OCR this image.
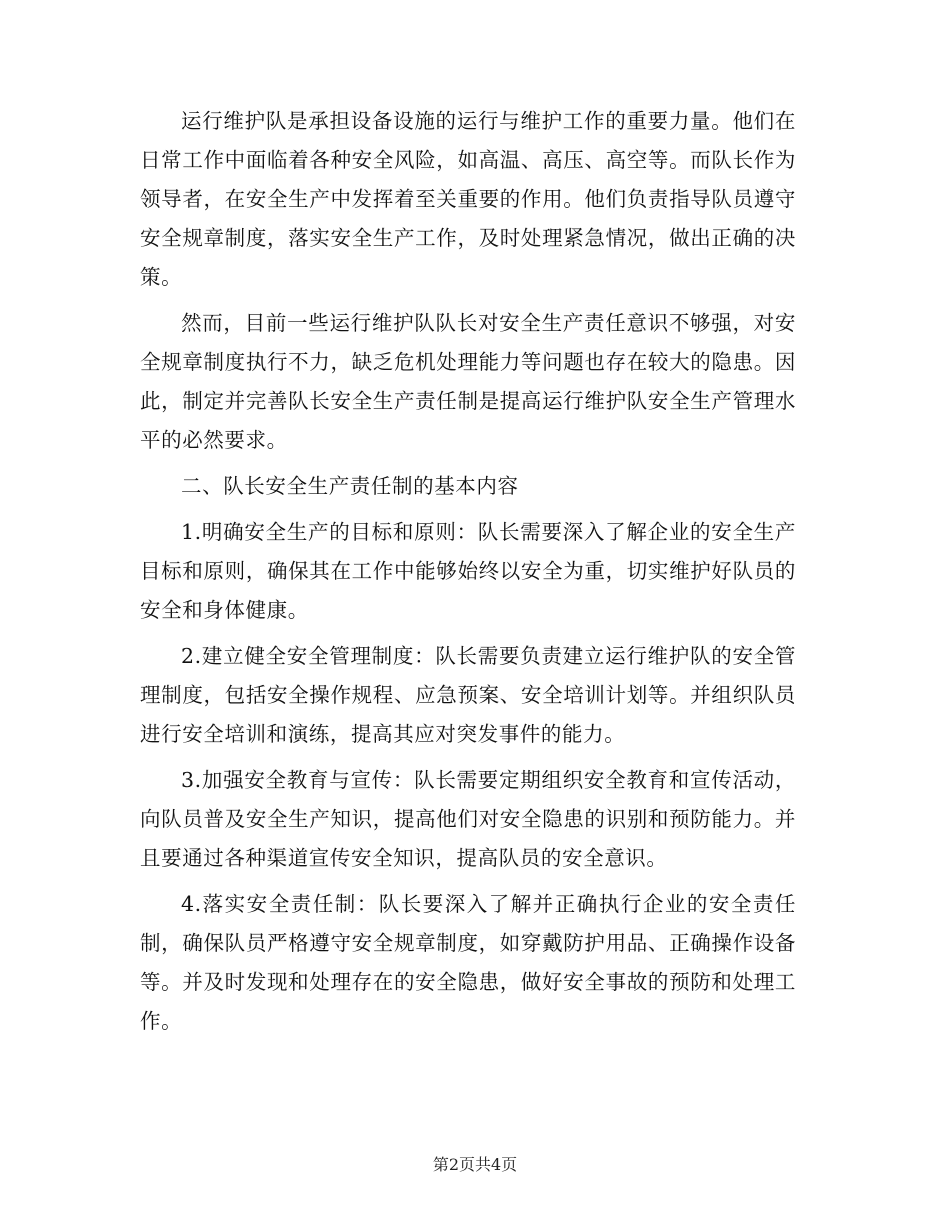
运行维护队是承担设备设施的运行与维护工作的重要力量。他们在日常工作中面临着各种安全风险，如高温、高压、高空等。而队长作为领导者，在安全生产中发挥着至关重要的作用。他们负责指导队员遵守安全规章制度，落实安全生产工作，及时处理紧急情况，做出正确的决策。

然而，目前一些运行维护队队长对安全生产责任意识不够强，对安全规章制度执行不力，缺乏危机处理能力等问题也存在较大的隐患。因此，制定并完善队长安全生产责任制是提高运行维护队安全生产管理水平的必然要求。

二、队长安全生产责任制的基本内容

1.明确安全生产的目标和原则：队长需要深入了解企业的安全生产目标和原则，确保其在工作中能够始终以安全为重，切实维护好队员的安全和身体健康。

2.建立健全安全管理制度：队长需要负责建立运行维护队的安全管理制度，包括安全操作规程、应急预案、安全培训计划等。并组织队员进行安全培训和演练，提高其应对突发事件的能力。

3.加强安全教育与宣传：队长需要定期组织安全教育和宣传活动，向队员普及安全生产知识，提高他们对安全隐患的识别和预防能力。并且要通过各种渠道宣传安全知识，提高队员的安全意识。

4.落实安全责任制：队长要深入了解并正确执行企业的安全责任制，确保队员严格遵守安全规章制度，如穿戴防护用品、正确操作设备等。并及时发现和处理存在的安全隐患，做好安全事故的预防和处理工作。

第2页共4页
